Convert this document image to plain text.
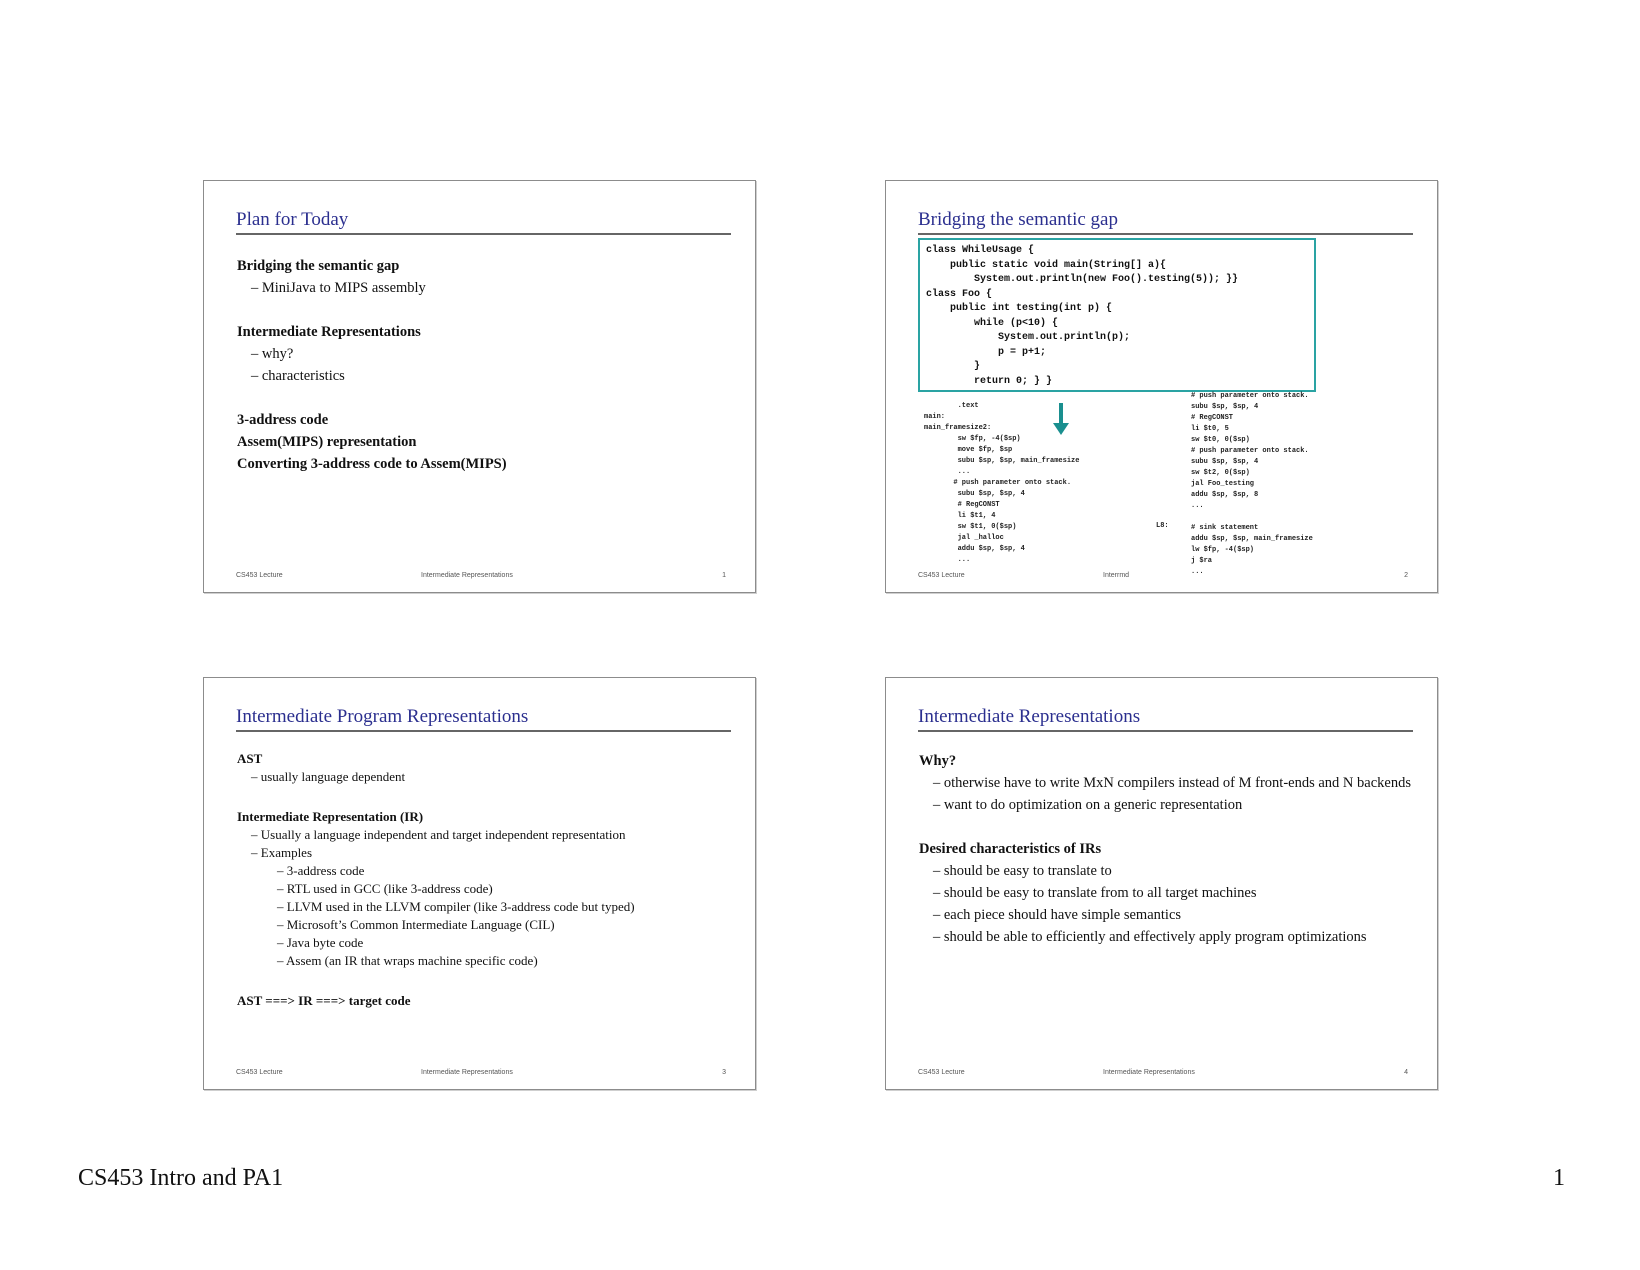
Plan for Today
Bridging the semantic gap
– MiniJava to MIPS assembly
Intermediate Representations
– why?
– characteristics
3-address code
Assem(MIPS) representation
Converting 3-address code to Assem(MIPS)
CS453 Lecture	Intermediate Representations	1
Bridging the semantic gap
class WhileUsage {
public static void main(String[] a){
System.out.println(new Foo().testing(5)); }}
class Foo {
public int testing(int p) {
while (p<10) {
System.out.println(p);
p = p+1;
}
return 0; } }
.text
main:
main_framesize2:
sw $fp, -4($sp)
move $fp, $sp
subu $sp, $sp, main_framesize
...
# push parameter onto stack.
subu $sp, $sp, 4
# RegCONST
li $t1, 4
sw $t1, 0($sp)
jal _halloc
addu $sp, $sp, 4
...
L8:
# push parameter onto stack.
subu $sp, $sp, 4
# RegCONST
li $t0, 5
sw $t0, 0($sp)
# push parameter onto stack.
subu $sp, $sp, 4
sw $t2, 0($sp)
jal Foo_testing
addu $sp, $sp, 8
...

# sink statement
addu $sp, $sp, main_framesize
lw $fp, -4($sp)
j $ra
...
CS453 Lecture	Interrmd	2
Intermediate Program Representations
AST
– usually language dependent
Intermediate Representation (IR)
– Usually a language independent and target independent representation
– Examples
– 3-address code
– RTL used in GCC (like 3-address code)
– LLVM used in the LLVM compiler (like 3-address code but typed)
– Microsoft’s Common Intermediate Language (CIL)
– Java byte code
– Assem (an IR that wraps machine specific code)
AST ===> IR ===> target code
CS453 Lecture	Intermediate Representations	3
Intermediate Representations
Why?
– otherwise have to write MxN compilers instead of M front-ends and N backends
– want to do optimization on a generic representation
Desired characteristics of IRs
– should be easy to translate to
– should be easy to translate from to all target machines
– each piece should have simple semantics
– should be able to efficiently and effectively apply program optimizations
CS453 Lecture	Intermediate Representations	4
CS453 Intro and PA1	1
